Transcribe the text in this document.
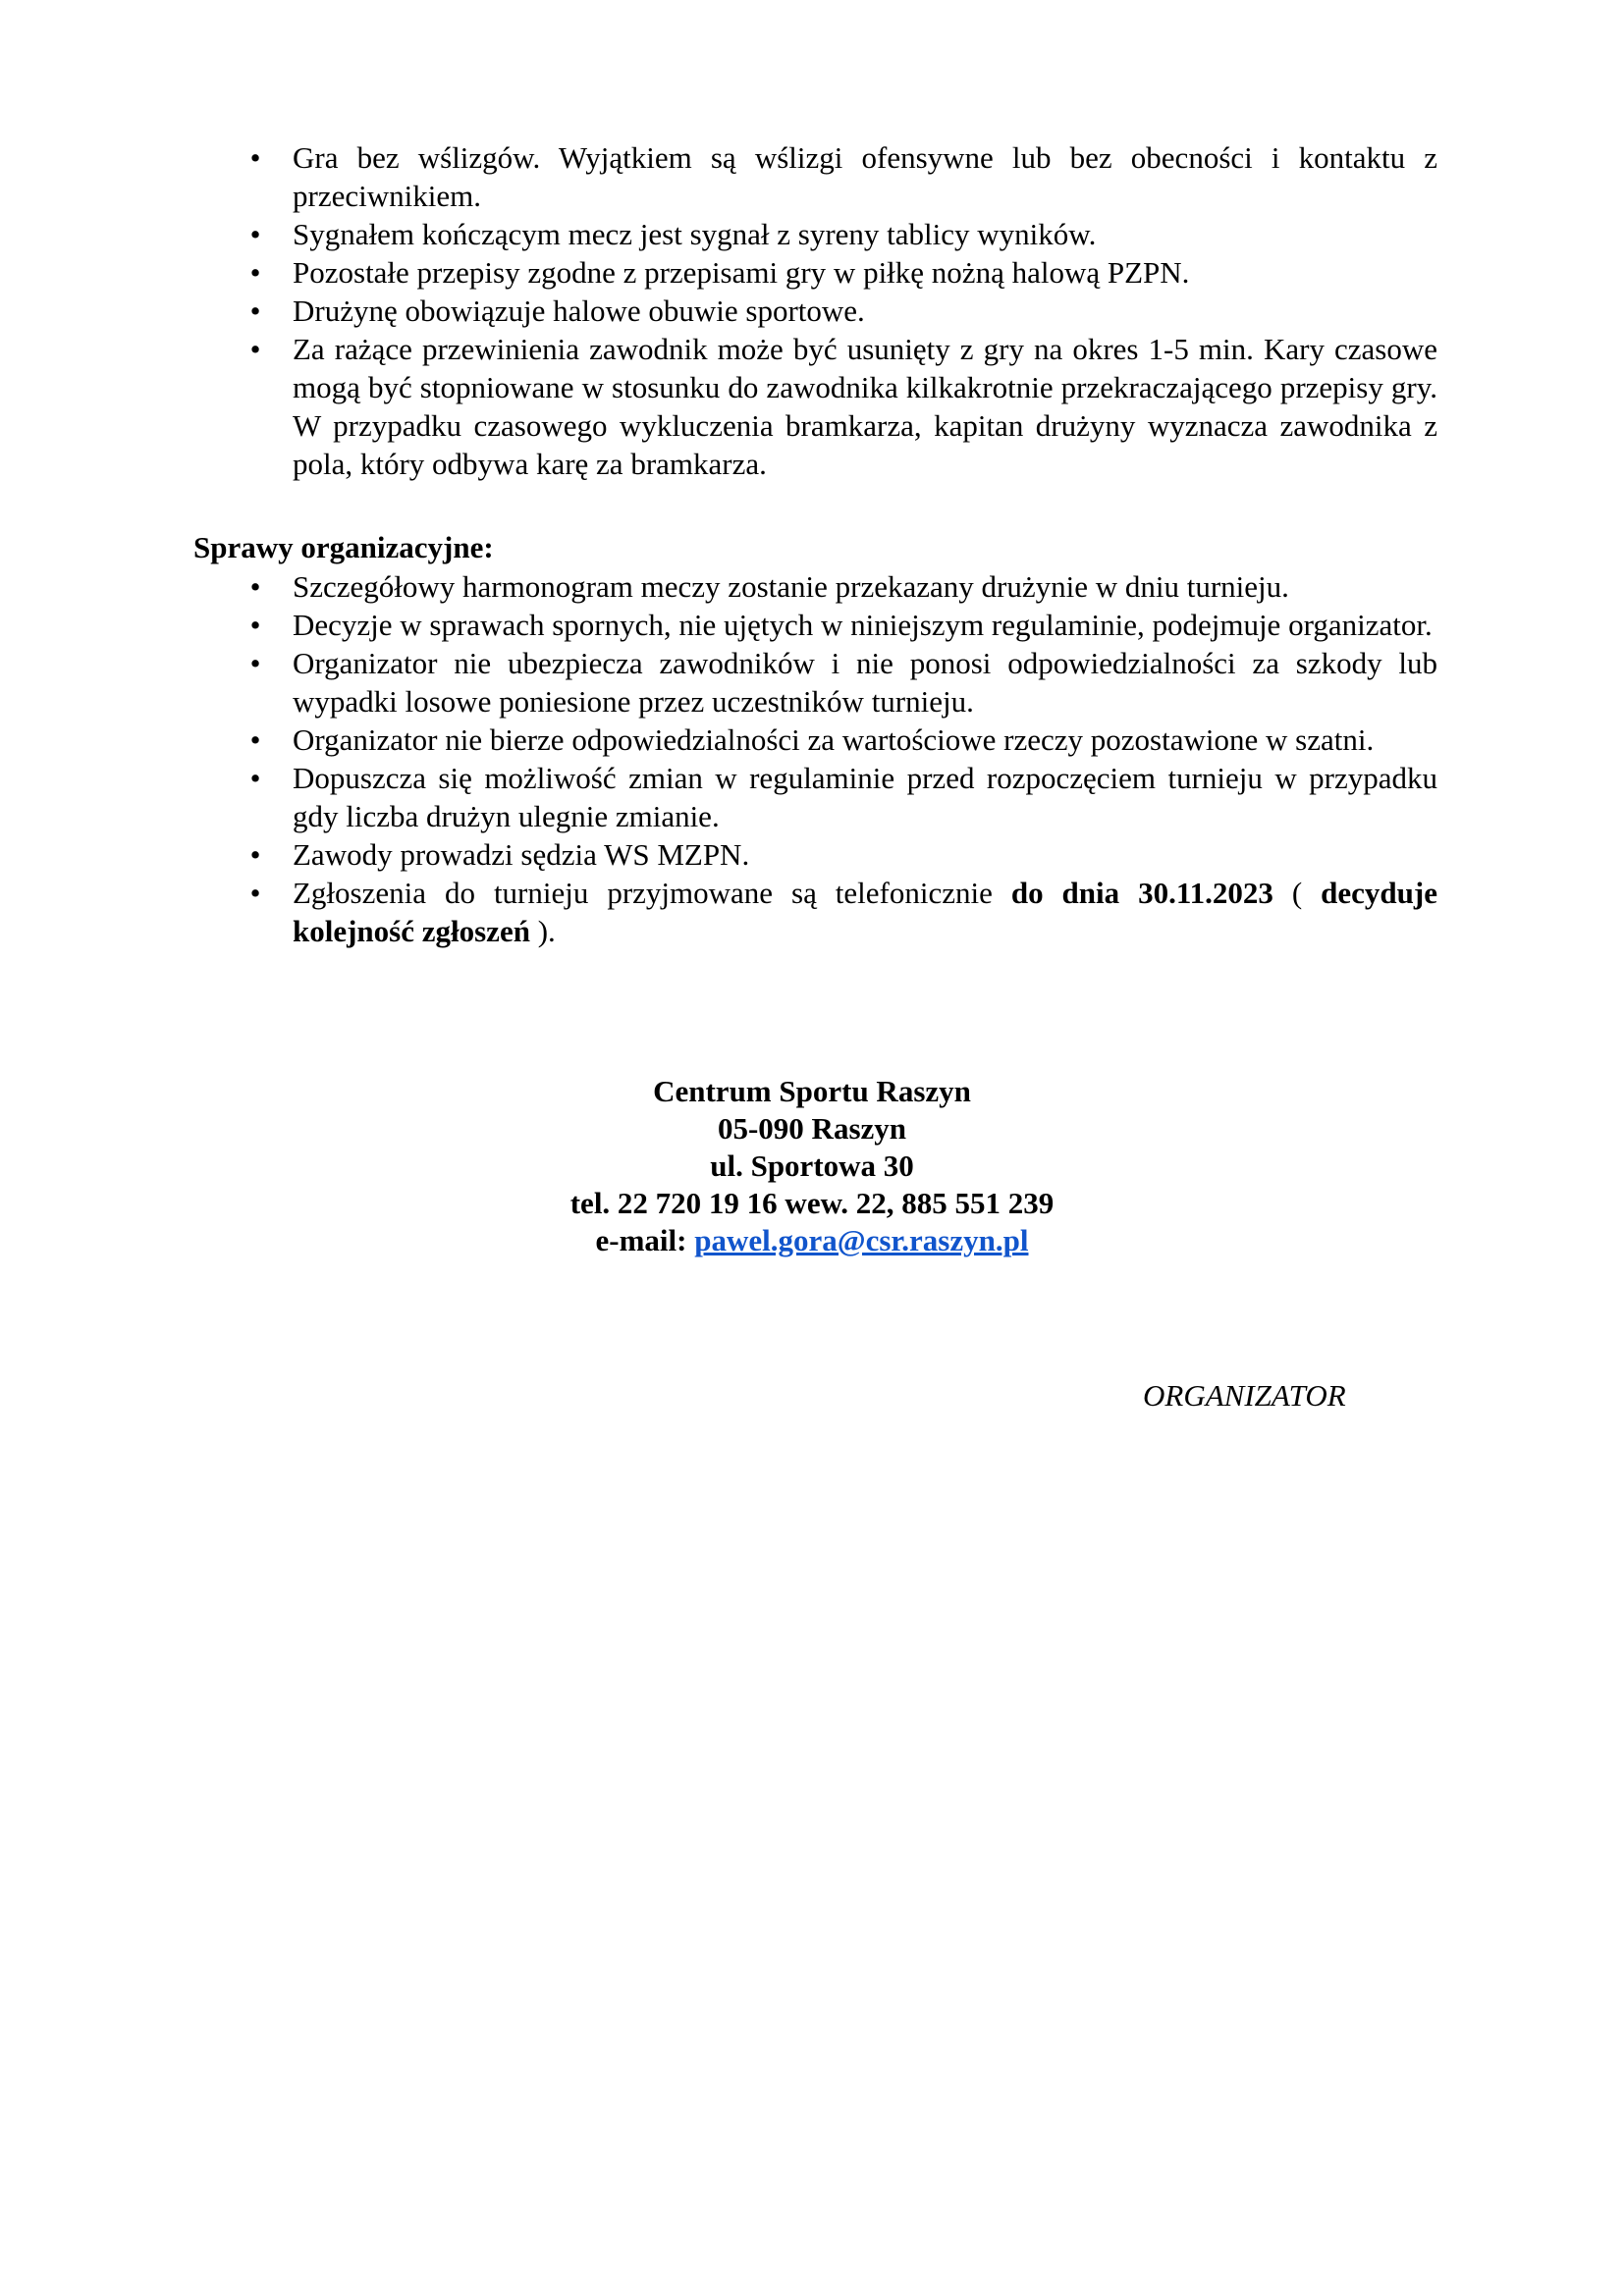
• Gra bez wślizgów. Wyjątkiem są wślizgi ofensywne lub bez obecności i kontaktu z przeciwnikiem.
• Sygnałem kończącym mecz jest sygnał z syreny tablicy wyników.
• Pozostałe przepisy zgodne z przepisami gry w piłkę nożną halową PZPN.
• Drużynę obowiązuje halowe obuwie sportowe.
• Za rażące przewinienia zawodnik może być usunięty z gry na okres 1-5 min. Kary czasowe mogą być stopniowane w stosunku do zawodnika kilkakrotnie przekraczającego przepisy gry. W przypadku czasowego wykluczenia bramkarza, kapitan drużyny wyznacza zawodnika z pola, który odbywa karę za bramkarza.
Sprawy organizacyjne:
• Szczegółowy harmonogram meczy zostanie przekazany drużynie w dniu turnieju.
• Decyzje w sprawach spornych, nie ujętych w niniejszym regulaminie, podejmuje organizator.
• Organizator nie ubezpiecza zawodników i nie ponosi odpowiedzialności za szkody lub wypadki losowe poniesione przez uczestników turnieju.
• Organizator nie bierze odpowiedzialności za wartościowe rzeczy pozostawione w szatni.
• Dopuszcza się możliwość zmian w regulaminie przed rozpoczęciem turnieju w przypadku gdy liczba drużyn ulegnie zmianie.
• Zawody prowadzi sędzia WS MZPN.
• Zgłoszenia do turnieju przyjmowane są telefonicznie do dnia 30.11.2023 ( decyduje kolejność zgłoszeń ).
Centrum Sportu Raszyn
05-090 Raszyn
ul. Sportowa 30
tel. 22 720 19 16 wew. 22, 885 551 239
e-mail: pawel.gora@csr.raszyn.pl
ORGANIZATOR
